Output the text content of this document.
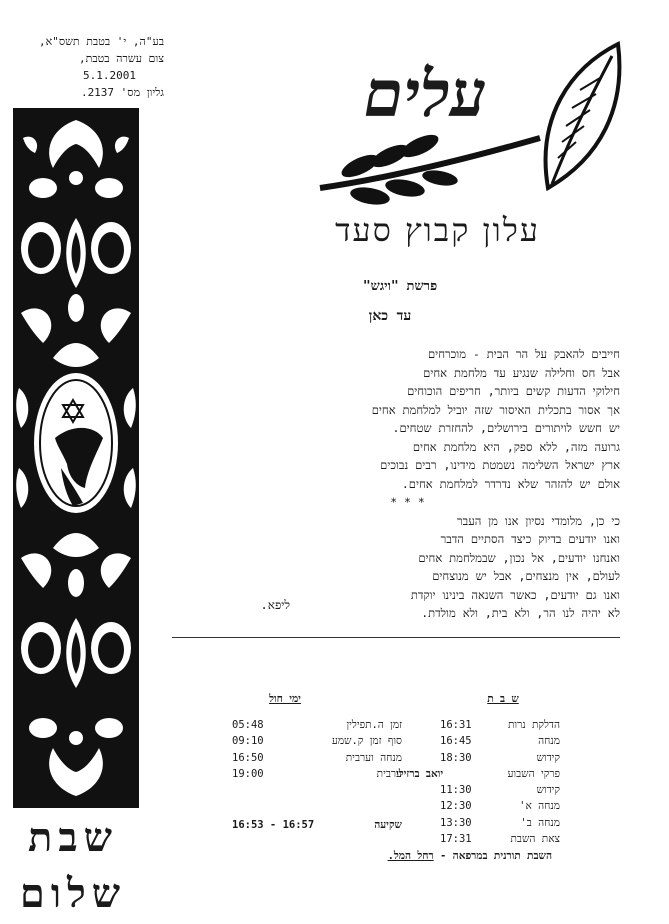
בע"ה, י' בטבת תשס"א,
צום עשרה בטבת,
5.1.2001
גליון מס' 2137.
שבת
שלום
עלים
עלון קבוץ סעד
פרשת "ויגש"
עד כאן
חייבים להאבק על הר הבית - מוכרחים
אבל חס וחלילה שנגיע עד מלחמת אחים
חילוקי הדעות קשים ביותר, חריפים הוכוחים
אך אסור בתכלית האיסור שזה יוביל למלחמת אחים
יש חשש לויתורים בירושלים, להחזרת שטחים.
גרועה מזה, ללא ספק, היא מלחמת אחים
ארץ ישראל השלימה נשמטת מידינו, רבים נבוכים
אולם יש להזהר שלא נדרדר למלחמת אחים.
* * *
כי כן, מלומדי נסיון אנו מן העבר
ואנו יודעים בדיוק כיצד הסתיים הדבר
ואנחנו יודעים, אל נכון, שבמלחמת אחים
לעולם, אין מנצחים, אבל יש מנוצחים
ואנו גם יודעים, כאשר השנאה בינינו יוקדת
לא יהיה לנו הר, ולא בית, ולא מולדת.
ליפא.
ש ב ת
ימי חול
הדלקת נרות
16:31
מנחה
16:45
קידוש
18:30
פרקי השבוע
יואב ברזילי
קידוש
11:30
מנחה א'
12:30
מנחה ב'
13:30
צאת השבת
17:31
זמן ה.תפילין
05:48
סוף זמן ק.שמע
09:10
מנחה וערבית
16:50
ערבית
19:00
שקיעה
16:53 - 16:57
השבת תורנית במרפאה - רחל המל.
